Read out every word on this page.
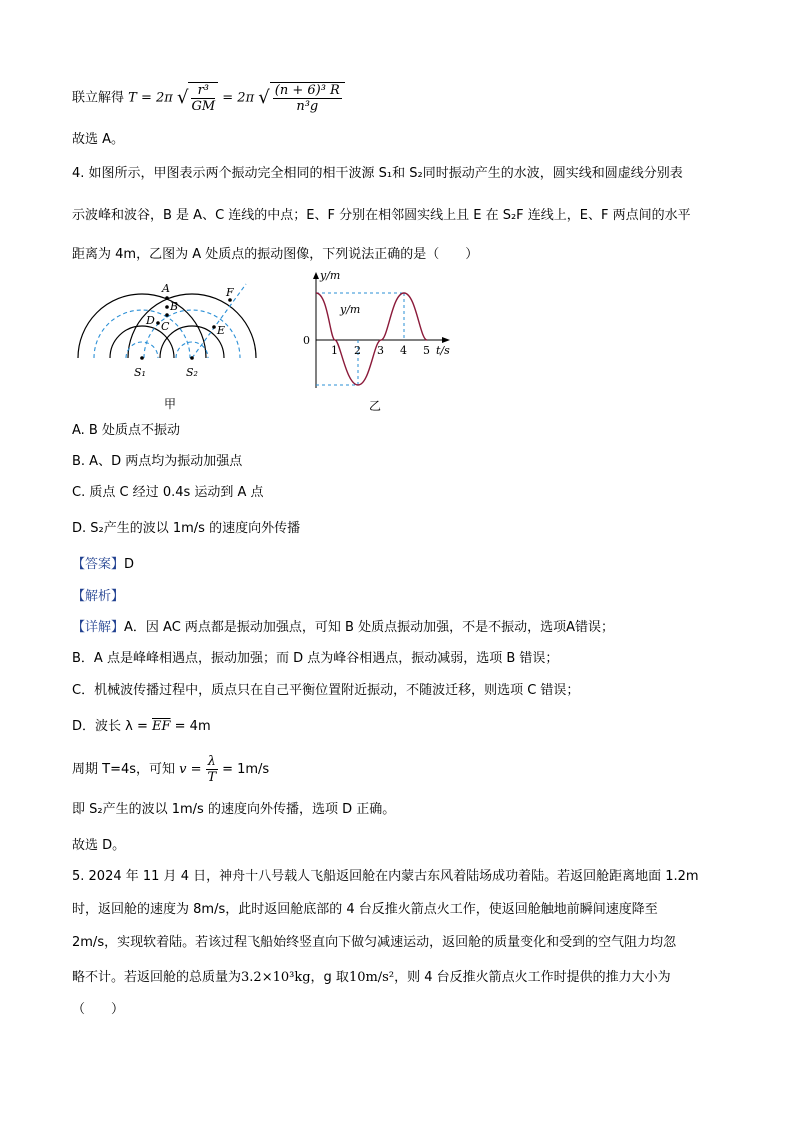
联立解得 T = 2π √ $\frac{\text{r³}}{GM} = 2\pi$ √ $\frac{\text{(n + 6)³ R}}{\text{n³g}}$
故选 A。
4. 如图所示，甲图表示两个振动完全相同的相干波源 S₁和 S₂同时振动产生的水波，圆实线和圆虚线分别表
示波峰和波谷，B 是 A、C 连线的中点；E、F 分别在相邻圆实线上且 E 在 S₂F 连线上，E、F 两点间的水平
距离为 4m，乙图为 A 处质点的振动图像，下列说法正确的是（　　）
A
B
C
D
E
F
S₁	S₂
甲
y/m
y/m
0
t/s
1 2 3 4 5
乙
A. B 处质点不振动
B. A、D 两点均为振动加强点
C. 质点 C 经过 0.4s 运动到 A 点
D. S₂产生的波以 1m/s 的速度向外传播
【答案】D
【解析】
【详解】A．因 AC 两点都是振动加强点，可知 B 处质点振动加强，不是不振动，选项A错误；
B．A 点是峰峰相遇点，振动加强；而 D 点为峰谷相遇点，振动减弱，选项 B 错误；
C．机械波传播过程中，质点只在自己平衡位置附近振动，不随波迁移，则选项 C 错误；
D．波长 $\lambda = \overline{EF} = 4m$
周期 T=4s，可知 $v = \frac{\lambda}{T} = 1m/s$
即 S₂产生的波以 1m/s 的速度向外传播，选项 D 正确。
故选 D。
5. 2024 年 11 月 4 日，神舟十八号载人飞船返回舱在内蒙古东风着陆场成功着陆。若返回舱距离地面 1.2m
时，返回舱的速度为 8m/s，此时返回舱底部的 4 台反推火箭点火工作，使返回舱触地前瞬间速度降至
2m/s，实现软着陆。若该过程飞船始终竖直向下做匀减速运动，返回舱的质量变化和受到的空气阻力均忽
略不计。若返回舱的总质量为3.2×10³kg，g 取10m/s²，则 4 台反推火箭点火工作时提供的推力大小为
（　　）
